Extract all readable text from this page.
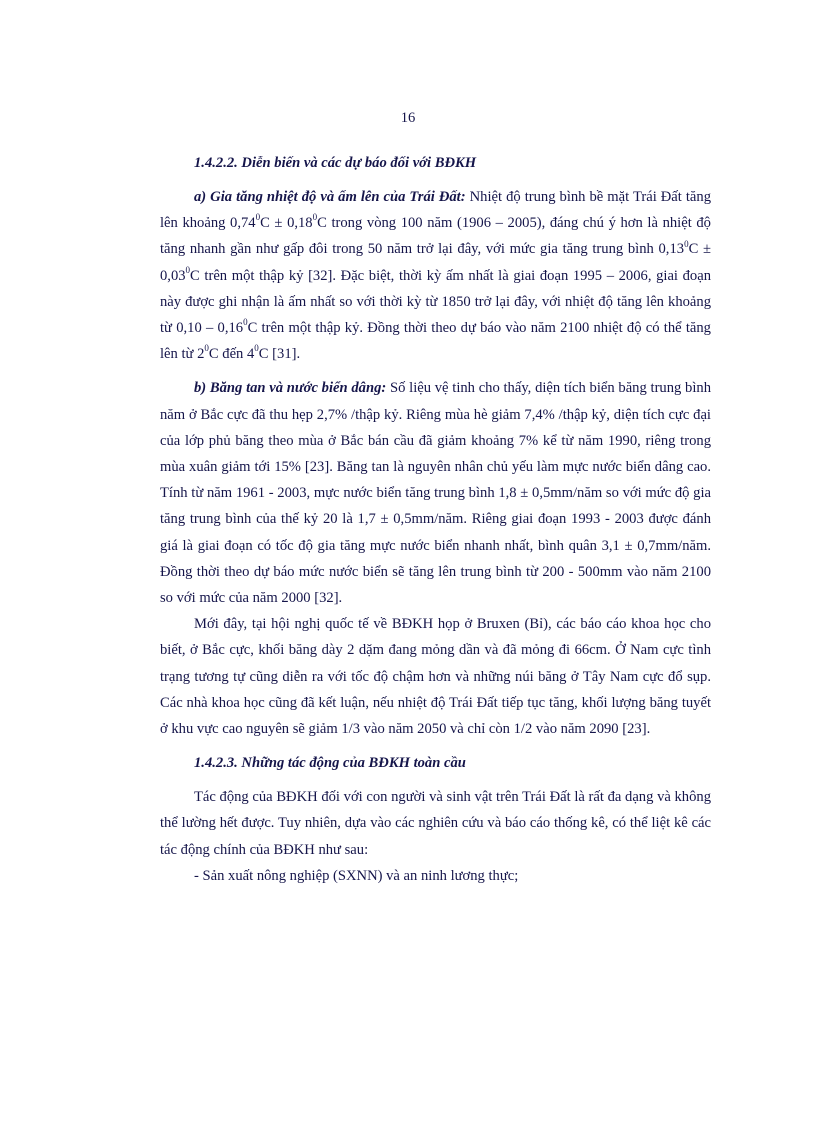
16

1.4.2.2. Diễn biến và các dự báo đối với BĐKH

a) Gia tăng nhiệt độ và ấm lên của Trái Đất: Nhiệt độ trung bình bề mặt Trái Đất tăng lên khoảng $0,74^0C \pm 0,18^0C$ trong vòng 100 năm (1906 – 2005), đáng chú ý hơn là nhiệt độ tăng nhanh gần như gấp đôi trong 50 năm trở lại đây, với mức gia tăng trung bình $0,13^0C \pm 0,03^0C$ trên một thập kỷ [32]. Đặc biệt, thời kỳ ấm nhất là giai đoạn 1995 – 2006, giai đoạn này được ghi nhận là ấm nhất so với thời kỳ từ 1850 trở lại đây, với nhiệt độ tăng lên khoảng từ 0,10 – 0,16$^0$C trên một thập kỷ. Đồng thời theo dự báo vào năm 2100 nhiệt độ có thể tăng lên từ $2^0C$ đến $4^0C$ [31].

b) Băng tan và nước biển dâng: Số liệu vệ tinh cho thấy, diện tích biển băng trung bình năm ở Bắc cực đã thu hẹp 2,7% /thập kỷ. Riêng mùa hè giảm 7,4% /thập kỷ, diện tích cực đại của lớp phủ băng theo mùa ở Bắc bán cầu đã giảm khoảng 7% kể từ năm 1990, riêng trong mùa xuân giảm tới 15% [23]. Băng tan là nguyên nhân chủ yếu làm mực nước biển dâng cao. Tính từ năm 1961 - 2003, mực nước biển tăng trung bình 1,8 ± 0,5mm/năm so với mức độ gia tăng trung bình của thế kỷ 20 là 1,7 ± 0,5mm/năm. Riêng giai đoạn 1993 - 2003 được đánh giá là giai đoạn có tốc độ gia tăng mực nước biển nhanh nhất, bình quân 3,1 ± 0,7mm/năm. Đồng thời theo dự báo mức nước biển sẽ tăng lên trung bình từ 200 - 500mm vào năm 2100 so với mức của năm 2000 [32].

Mới đây, tại hội nghị quốc tế về BĐKH họp ở Bruxen (Bỉ), các báo cáo khoa học cho biết, ở Bắc cực, khối băng dày 2 dặm đang mỏng dần và đã mỏng đi 66cm. Ở Nam cực tình trạng tương tự cũng diễn ra với tốc độ chậm hơn và những núi băng ở Tây Nam cực đổ sụp. Các nhà khoa học cũng đã kết luận, nếu nhiệt độ Trái Đất tiếp tục tăng, khối lượng băng tuyết ở khu vực cao nguyên sẽ giảm 1/3 vào năm 2050 và chỉ còn 1/2 vào năm 2090 [23].

1.4.2.3. Những tác động của BĐKH toàn cầu

Tác động của BĐKH đối với con người và sinh vật trên Trái Đất là rất đa dạng và không thể lường hết được. Tuy nhiên, dựa vào các nghiên cứu và báo cáo thống kê, có thể liệt kê các tác động chính của BĐKH như sau:

- Sản xuất nông nghiệp (SXNN) và an ninh lương thực;
